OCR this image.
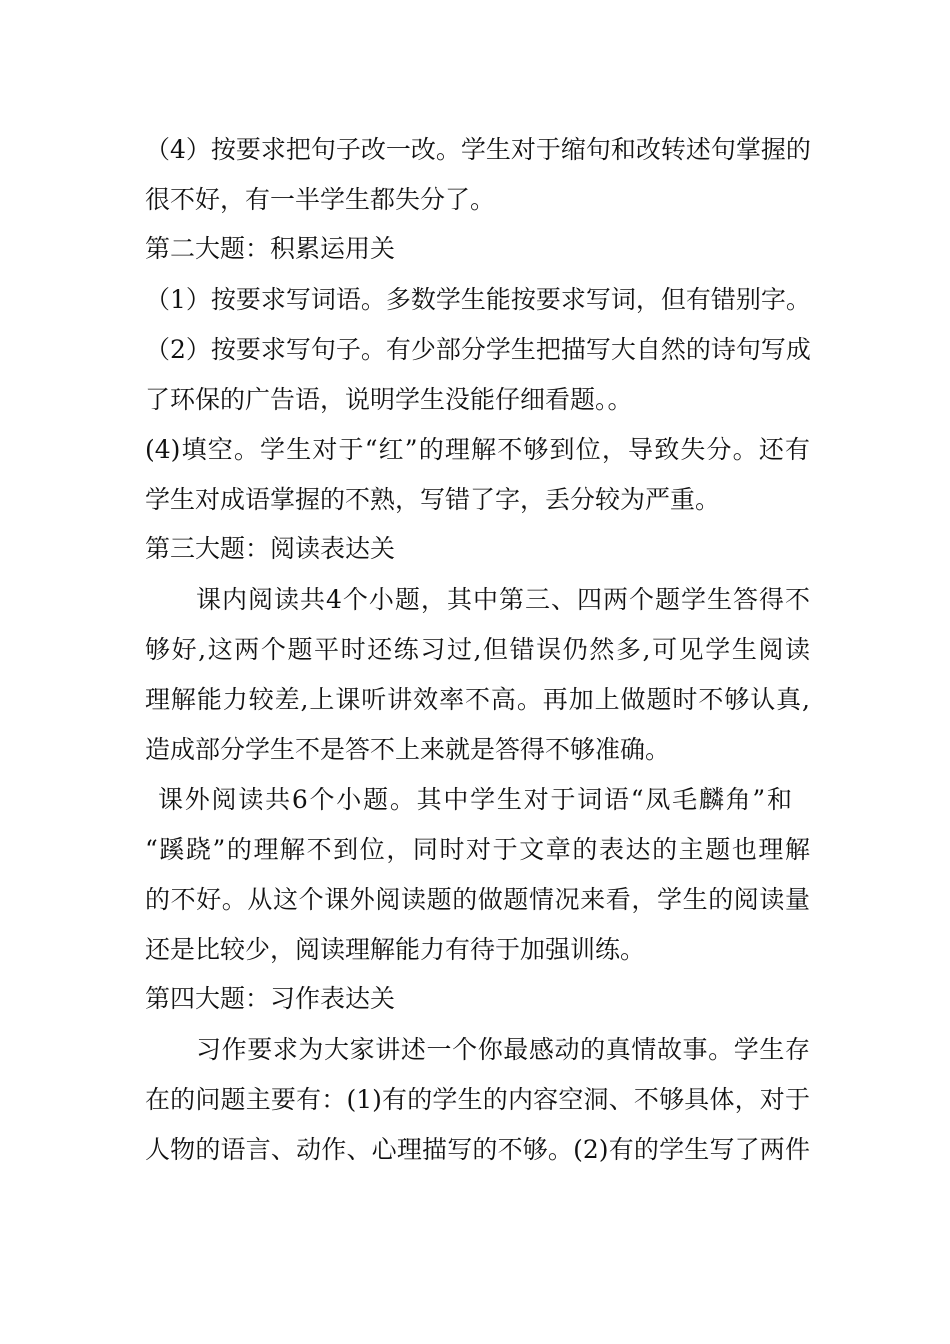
（4）按要求把句子改一改。学生对于缩句和改转述句掌握的
很不好，有一半学生都失分了。
第二大题：积累运用关
（1）按要求写词语。多数学生能按要求写词，但有错别字。
（2）按要求写句子。有少部分学生把描写大自然的诗句写成
了环保的广告语，说明学生没能仔细看题。。
(4)填空。学生对于“红”的理解不够到位，导致失分。还有
学生对成语掌握的不熟，写错了字，丢分较为严重。
第三大题：阅读表达关
课内阅读共4个小题，其中第三、四两个题学生答得不
够好,这两个题平时还练习过,但错误仍然多,可见学生阅读
理解能力较差,上课听讲效率不高。再加上做题时不够认真,
造成部分学生不是答不上来就是答得不够准确。
课外阅读共6个小题。其中学生对于词语“凤毛麟角”和
“蹊跷”的理解不到位，同时对于文章的表达的主题也理解
的不好。从这个课外阅读题的做题情况来看，学生的阅读量
还是比较少，阅读理解能力有待于加强训练。
第四大题：习作表达关
习作要求为大家讲述一个你最感动的真情故事。学生存
在的问题主要有：(1)有的学生的内容空洞、不够具体，对于
人物的语言、动作、心理描写的不够。(2)有的学生写了两件
